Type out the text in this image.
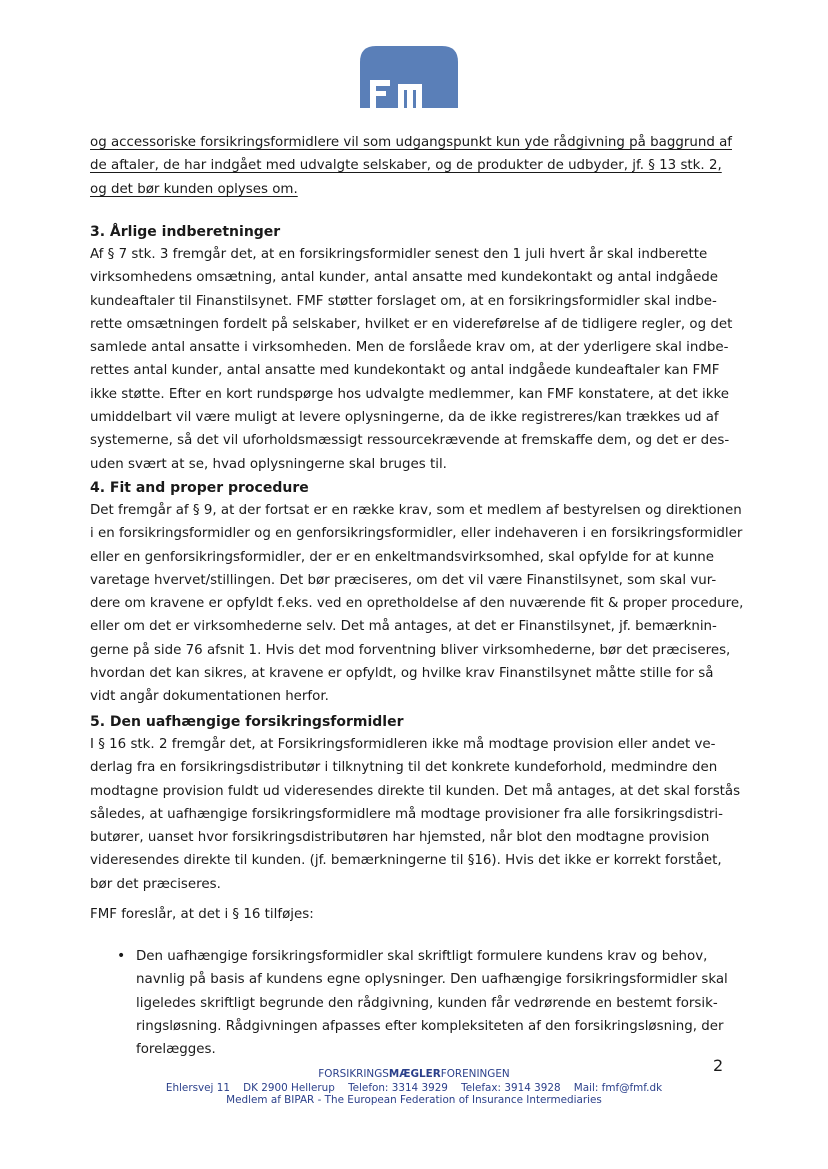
og accessoriske forsikringsformidlere vil som udgangspunkt kun yde rådgivning på baggrund af
de aftaler, de har indgået med udvalgte selskaber, og de produkter de udbyder, jf. § 13 stk. 2,
og det bør kunden oplyses om.
3. Årlige indberetninger
Af § 7 stk. 3 fremgår det, at en forsikringsformidler senest den 1 juli hvert år skal indberette
virksomhedens omsætning, antal kunder, antal ansatte med kundekontakt og antal indgåede
kundeaftaler til Finanstilsynet. FMF støtter forslaget om, at en forsikringsformidler skal indbe-
rette omsætningen fordelt på selskaber, hvilket er en videreførelse af de tidligere regler, og det
samlede antal ansatte i virksomheden. Men de forslåede krav om, at der yderligere skal indbe-
rettes antal kunder, antal ansatte med kundekontakt og antal indgåede kundeaftaler kan FMF
ikke støtte. Efter en kort rundspørge hos udvalgte medlemmer, kan FMF konstatere, at det ikke
umiddelbart vil være muligt at levere oplysningerne, da de ikke registreres/kan trækkes ud af
systemerne, så det vil uforholdsmæssigt ressourcekrævende at fremskaffe dem, og det er des-
uden svært at se, hvad oplysningerne skal bruges til.
4. Fit and proper procedure
Det fremgår af § 9, at der fortsat er en række krav, som et medlem af bestyrelsen og direktionen
i en forsikringsformidler og en genforsikringsformidler, eller indehaveren i en forsikringsformidler
eller en genforsikringsformidler, der er en enkeltmandsvirksomhed, skal opfylde for at kunne
varetage hvervet/stillingen. Det bør præciseres, om det vil være Finanstilsynet, som skal vur-
dere om kravene er opfyldt f.eks. ved en opretholdelse af den nuværende fit & proper procedure,
eller om det er virksomhederne selv. Det må antages, at det er Finanstilsynet, jf. bemærknin-
gerne på side 76 afsnit 1. Hvis det mod forventning bliver virksomhederne, bør det præciseres,
hvordan det kan sikres, at kravene er opfyldt, og hvilke krav Finanstilsynet måtte stille for så
vidt angår dokumentationen herfor.
5. Den uafhængige forsikringsformidler
I § 16 stk. 2 fremgår det, at Forsikringsformidleren ikke må modtage provision eller andet ve-
derlag fra en forsikringsdistributør i tilknytning til det konkrete kundeforhold, medmindre den
modtagne provision fuldt ud videresendes direkte til kunden. Det må antages, at det skal forstås
således, at uafhængige forsikringsformidlere må modtage provisioner fra alle forsikringsdistri-
butører, uanset hvor forsikringsdistributøren har hjemsted, når blot den modtagne provision
videresendes direkte til kunden. (jf. bemærkningerne til §16). Hvis det ikke er korrekt forstået,
bør det præciseres.
FMF foreslår, at det i § 16 tilføjes:
• Den uafhængige forsikringsformidler skal skriftligt formulere kundens krav og behov,
navnlig på basis af kundens egne oplysninger. Den uafhængige forsikringsformidler skal
ligeledes skriftligt begrunde den rådgivning, kunden får vedrørende en bestemt forsik-
ringsløsning. Rådgivningen afpasses efter kompleksiteten af den forsikringsløsning, der
forelægges.
2
FORSIKRINGSMÆGLERFORENINGEN
Ehlersvej 11    DK 2900 Hellerup    Telefon: 3314 3929    Telefax: 3914 3928    Mail: fmf@fmf.dk
Medlem af BIPAR - The European Federation of Insurance Intermediaries
